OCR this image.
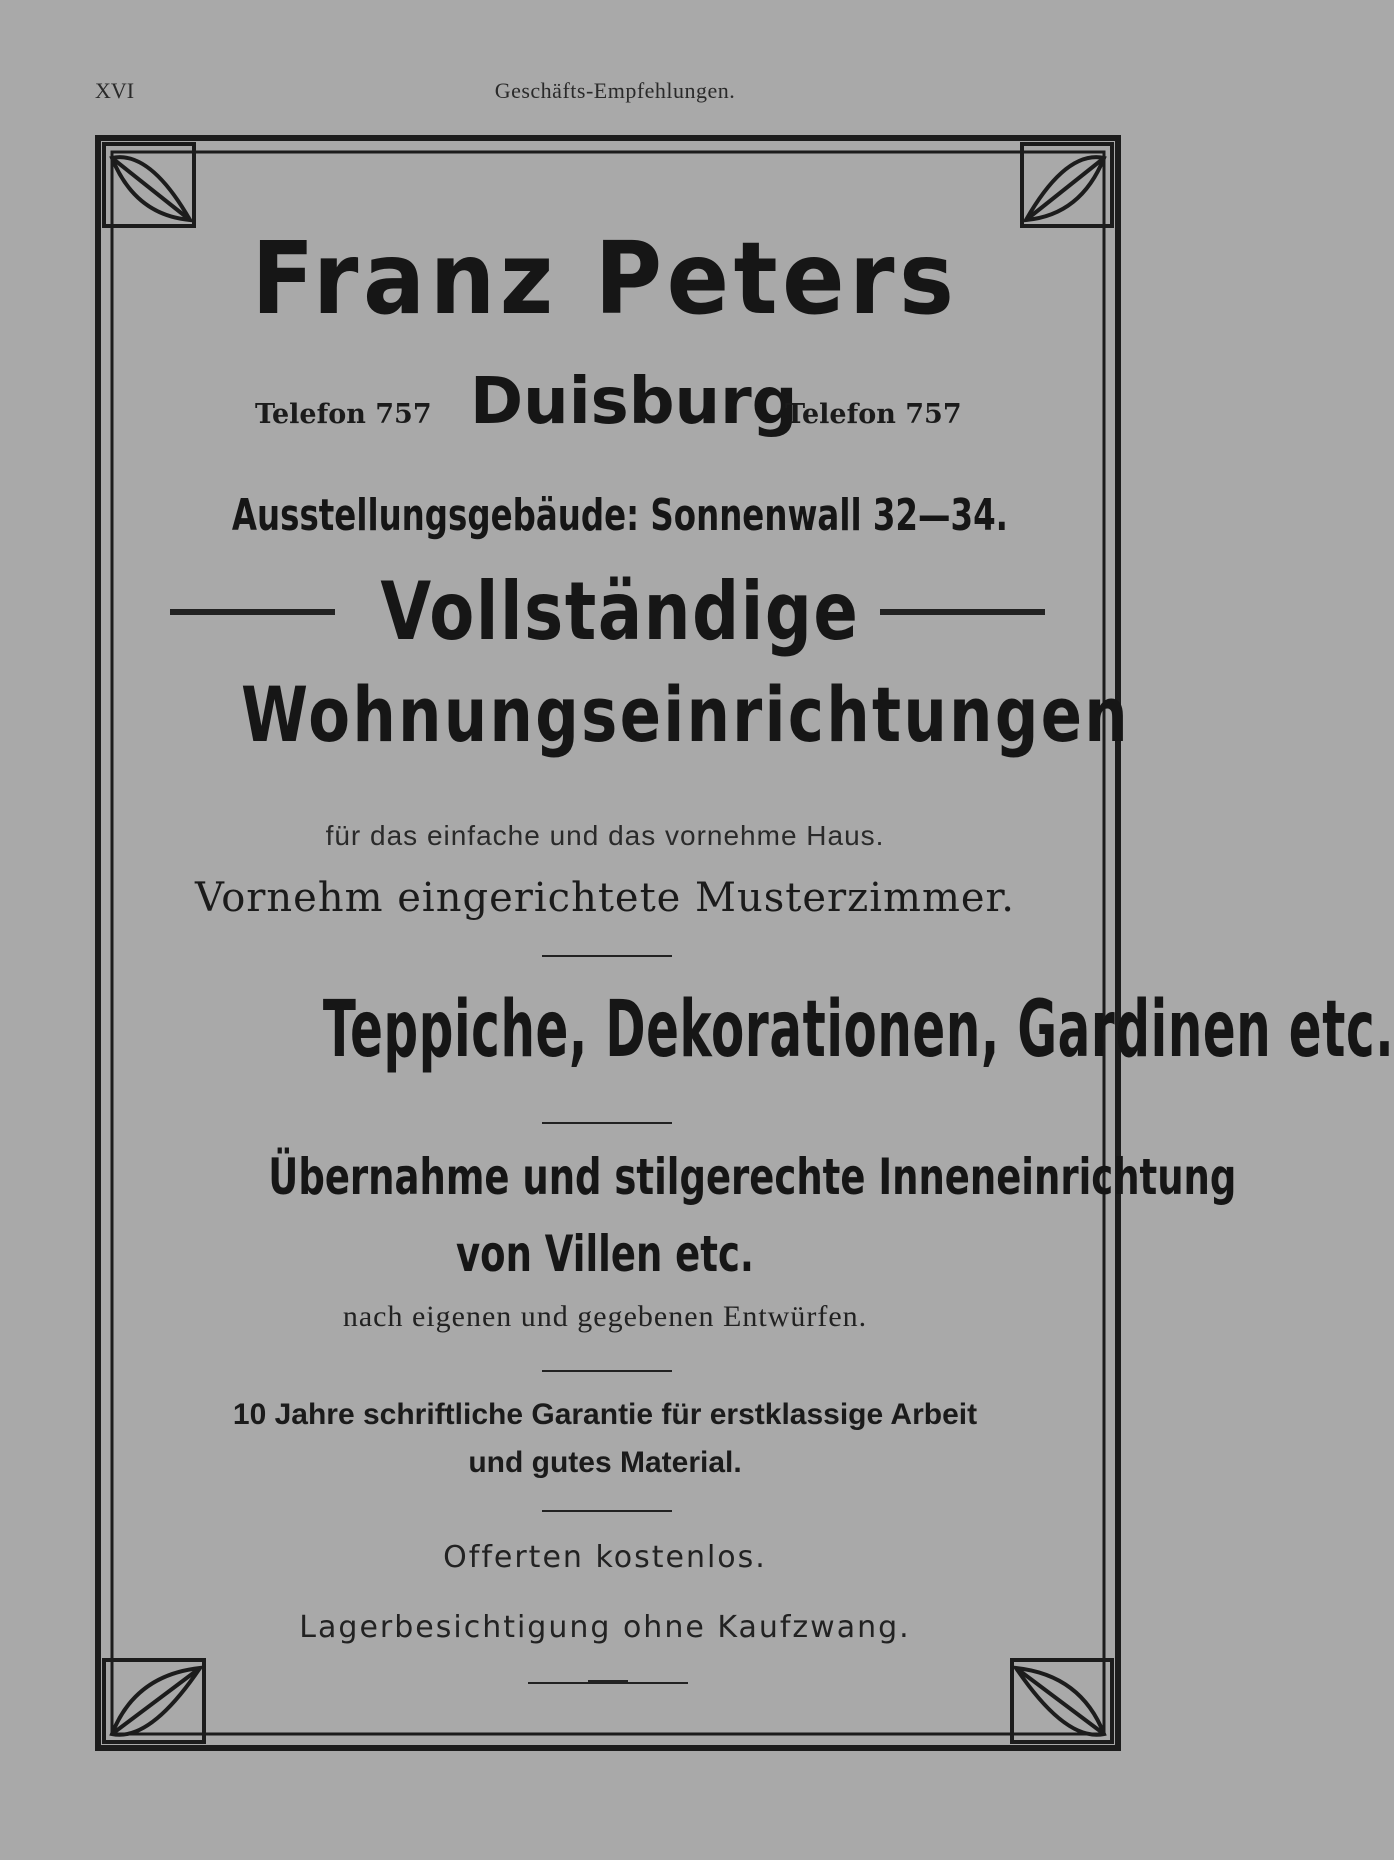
XVI	Geschäfts-Empfehlungen.
Franz Peters
Telefon 757 Duisburg
Telefon 757
Ausstellungsgebäude: Sonnenwall 32—34.
Vollständige
Wohnungseinrichtungen
für das einfache und das vornehme Haus.
Vornehm eingerichtete Musterzimmer.
Teppiche, Dekorationen, Gardinen etc.
Übernahme und stilgerechte Inneneinrichtung
von Villen etc.
nach eigenen und gegebenen Entwürfen.
10 Jahre schriftliche Garantie für erstklassige Arbeit
und gutes Material.
Offerten kostenlos.
Lagerbesichtigung ohne Kaufzwang.
